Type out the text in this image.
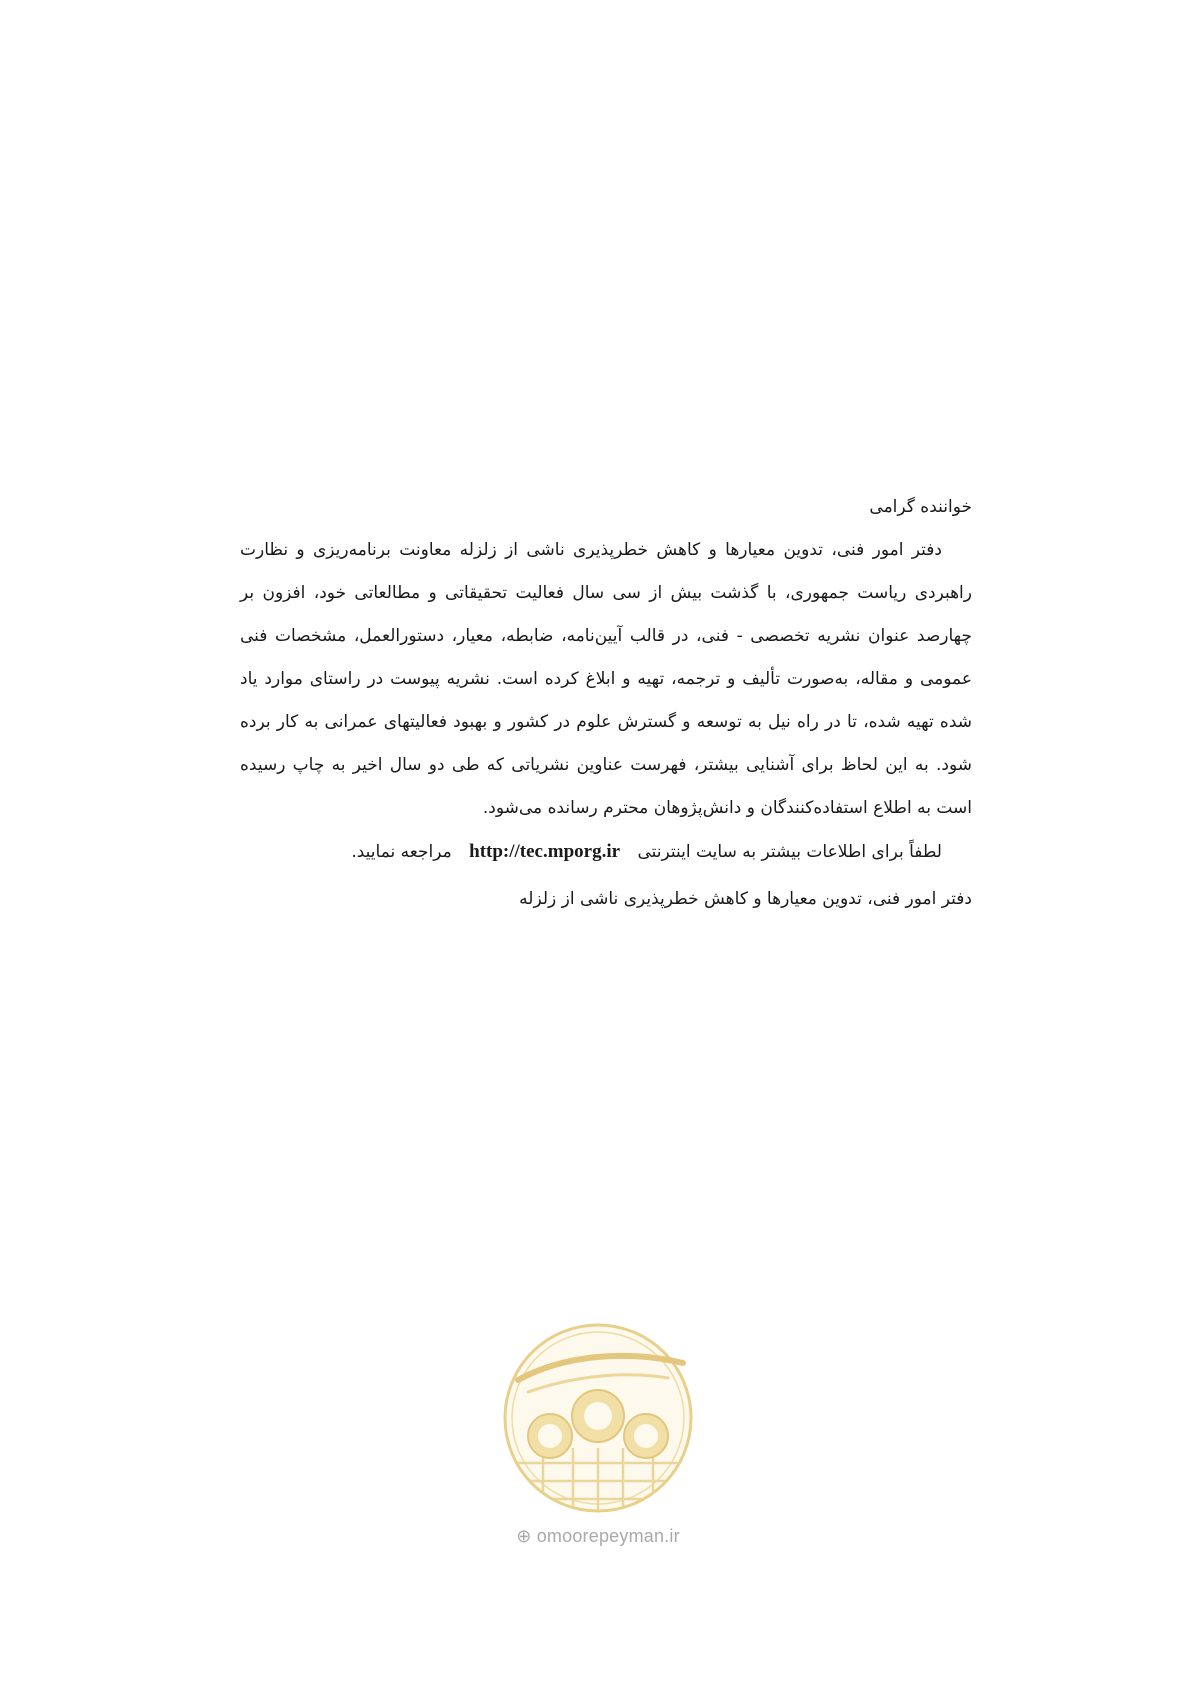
خواننده گرامی

دفتر امور فنی، تدوین معیارها و کاهش خطرپذیری ناشی از زلزله معاونت برنامه‌ریزی و نظارت راهبردی ریاست جمهوری، با گذشت بیش از سی سال فعالیت تحقیقاتی و مطالعاتی خود، افزون بر چهارصد عنوان نشریه تخصصی - فنی، در قالب آیین‌نامه، ضابطه، معیار، دستورالعمل، مشخصات فنی عمومی و مقاله، به‌صورت تألیف و ترجمه، تهیه و ابلاغ کرده است. نشریه پیوست در راستای موارد یاد شده تهیه شده، تا در راه نیل به توسعه و گسترش علوم در کشور و بهبود فعالیتهای عمرانی به کار برده شود. به این لحاظ برای آشنایی بیشتر، فهرست عناوین نشریاتی که طی دو سال اخیر به چاپ رسیده است به اطلاع استفاده‌کنندگان و دانش‌پژوهان محترم رسانده می‌شود.

لطفاً برای اطلاعات بیشتر به سایت اینترنتی http://tec.mporg.ir مراجعه نمایید.
دفتر امور فنی، تدوین معیارها و کاهش خطرپذیری ناشی از زلزله
⊕ omoorepeyman.ir
